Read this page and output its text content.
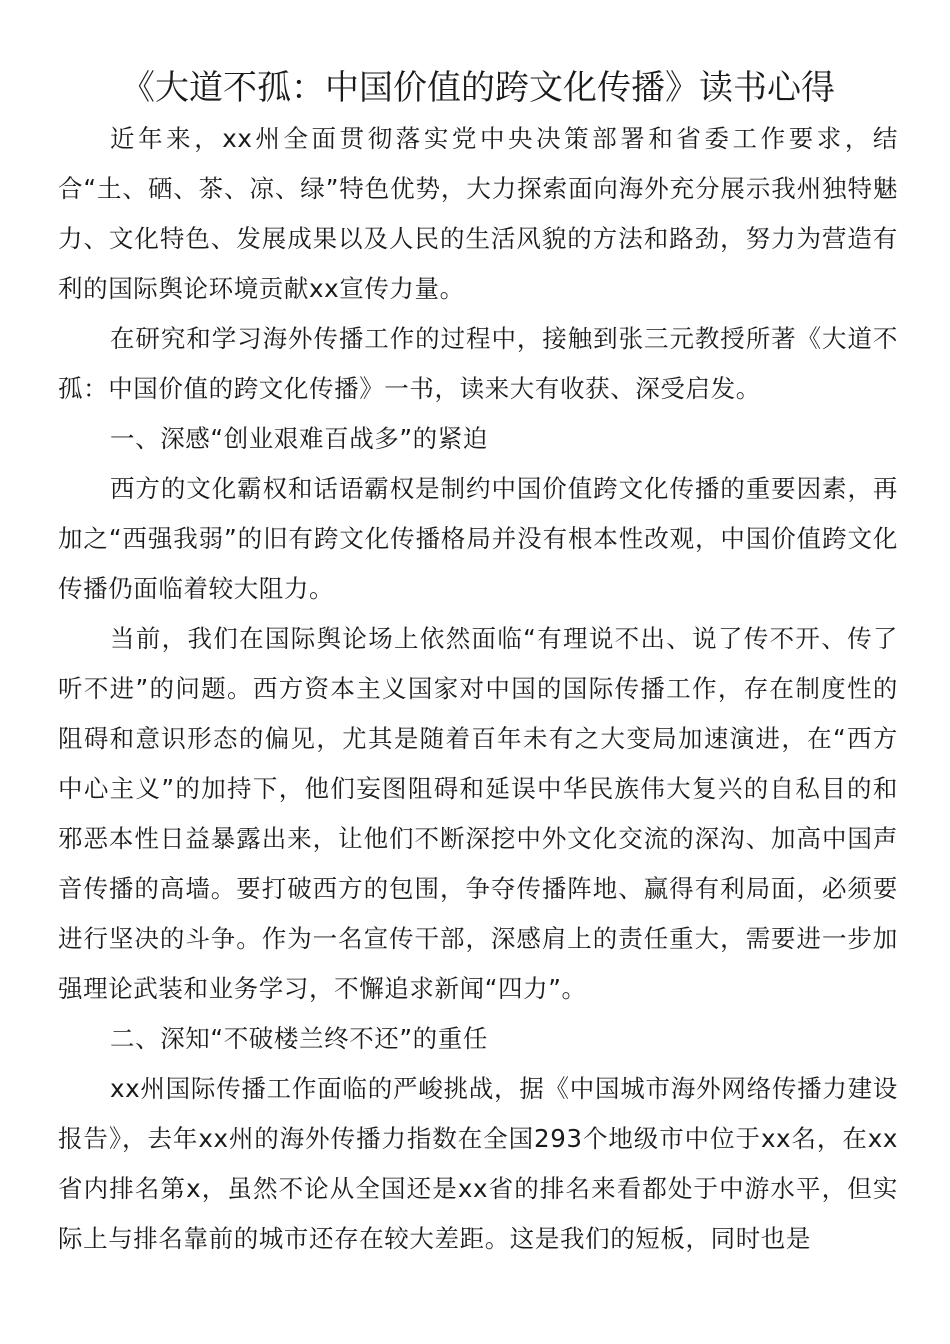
《大道不孤：中国价值的跨文化传播》读书心得

近年来，xx州全面贯彻落实党中央决策部署和省委工作要求，结合“土、硒、茶、凉、绿”特色优势，大力探索面向海外充分展示我州独特魅力、文化特色、发展成果以及人民的生活风貌的方法和路劲，努力为营造有利的国际舆论环境贡献xx宣传力量。

在研究和学习海外传播工作的过程中，接触到张三元教授所著《大道不孤：中国价值的跨文化传播》一书，读来大有收获、深受启发。

一、深感“创业艰难百战多”的紧迫

西方的文化霸权和话语霸权是制约中国价值跨文化传播的重要因素，再加之“西强我弱”的旧有跨文化传播格局并没有根本性改观，中国价值跨文化传播仍面临着较大阻力。

当前，我们在国际舆论场上依然面临“有理说不出、说了传不开、传了听不进”的问题。西方资本主义国家对中国的国际传播工作，存在制度性的阻碍和意识形态的偏见，尤其是随着百年未有之大变局加速演进，在“西方中心主义”的加持下，他们妄图阻碍和延误中华民族伟大复兴的自私目的和邪恶本性日益暴露出来，让他们不断深挖中外文化交流的深沟、加高中国声音传播的高墙。要打破西方的包围，争夺传播阵地、赢得有利局面，必须要进行坚决的斗争。作为一名宣传干部，深感肩上的责任重大，需要进一步加强理论武装和业务学习，不懈追求新闻“四力”。

二、深知“不破楼兰终不还”的重任

xx州国际传播工作面临的严峻挑战，据《中国城市海外网络传播力建设报告》，去年xx州的海外传播力指数在全国293个地级市中位于xx名，在xx省内排名第x，虽然不论从全国还是xx省的排名来看都处于中游水平，但实际上与排名靠前的城市还存在较大差距。这是我们的短板，同时也是
